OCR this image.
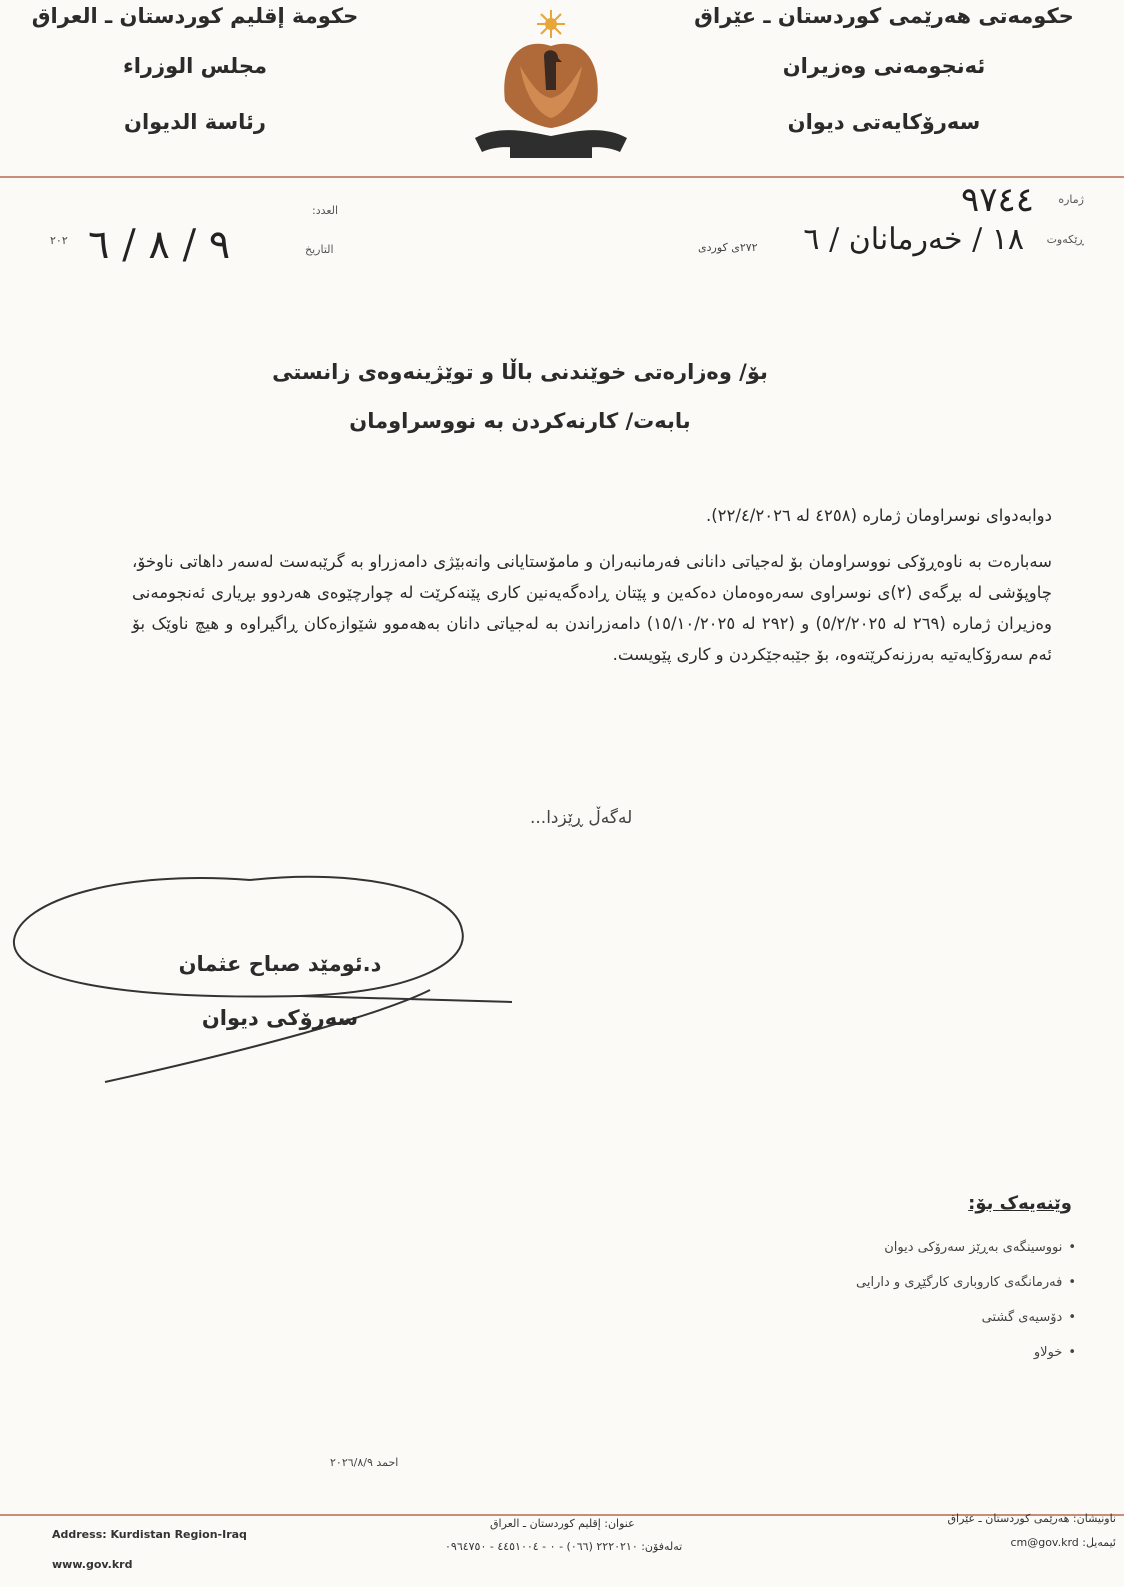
حکومەتی هەرێمی کوردستان ـ عێراق
ئەنجومەنی وەزیران
سەرۆکایەتی دیوان
حكومة إقليم كوردستان ـ العراق
مجلس الوزراء
رئاسة الديوان
ژمارە
٩٧٤٤
ڕێکەوت
١٨ / خەرمانان / ٦
٢٧٢ی کوردی
العدد:
التاريخ
٩ / ٨ / ٦
٢٠٢
بۆ/ وەزارەتی خوێندنی باڵا و توێژینەوەی زانستی
بابەت/ کارنەکردن بە نووسراومان
دوابەدوای نوسراومان ژمارە (٤٢٥٨ لە ٢٢/٤/٢٠٢٦).

سەبارەت بە ناوەڕۆکی نووسراومان بۆ لەجیاتی دانانی فەرمانبەران و مامۆستایانی وانەبێژی دامەزراو بە گرێبەست لەسەر داهاتی ناوخۆ، چاوپۆشی لە بڕگەی (٢)ی نوسراوی سەرەوەمان دەکەین و پێتان ڕادەگەیەنین کاری پێنەکرێت لە چوارچێوەی هەردوو بڕیاری ئەنجومەنی وەزیران ژمارە (٢٦٩ لە ٥/٢/٢٠٢٥) و (٢٩٢ لە ١٥/١٠/٢٠٢٥) دامەزراندن بە لەجیاتی دانان بەهەموو شێوازەکان ڕاگیراوە و هیچ ناوێک بۆ ئەم سەرۆکایەتیە بەرزنەکرێتەوە، بۆ جێبەجێکردن و کاری پێویست.

لەگەڵ ڕێزدا...
د.ئومێد صباح عثمان
سەرۆکی دیوان
وێنەیەک بۆ:
• نووسینگەی بەڕێز سەرۆکی دیوان
• فەرمانگەی کاروباری کارگێڕی و دارایی
• دۆسیەی گشتی
• خولاو
احمد ٢٠٢٦/٨/٩
Address: Kurdistan Region-Iraq
www.gov.krd
عنوان: إقليم كوردستان ـ العراق
تەلەفۆن: ٢٢٢٠٢١٠ (٠٦٦) - ٠ - ٤٤٥١٠٠٤ - ٠٩٦٤٧٥٠
ناونیشان: هەرێمی کوردستان ـ عێراق
ئیمەیل: cm@gov.krd
